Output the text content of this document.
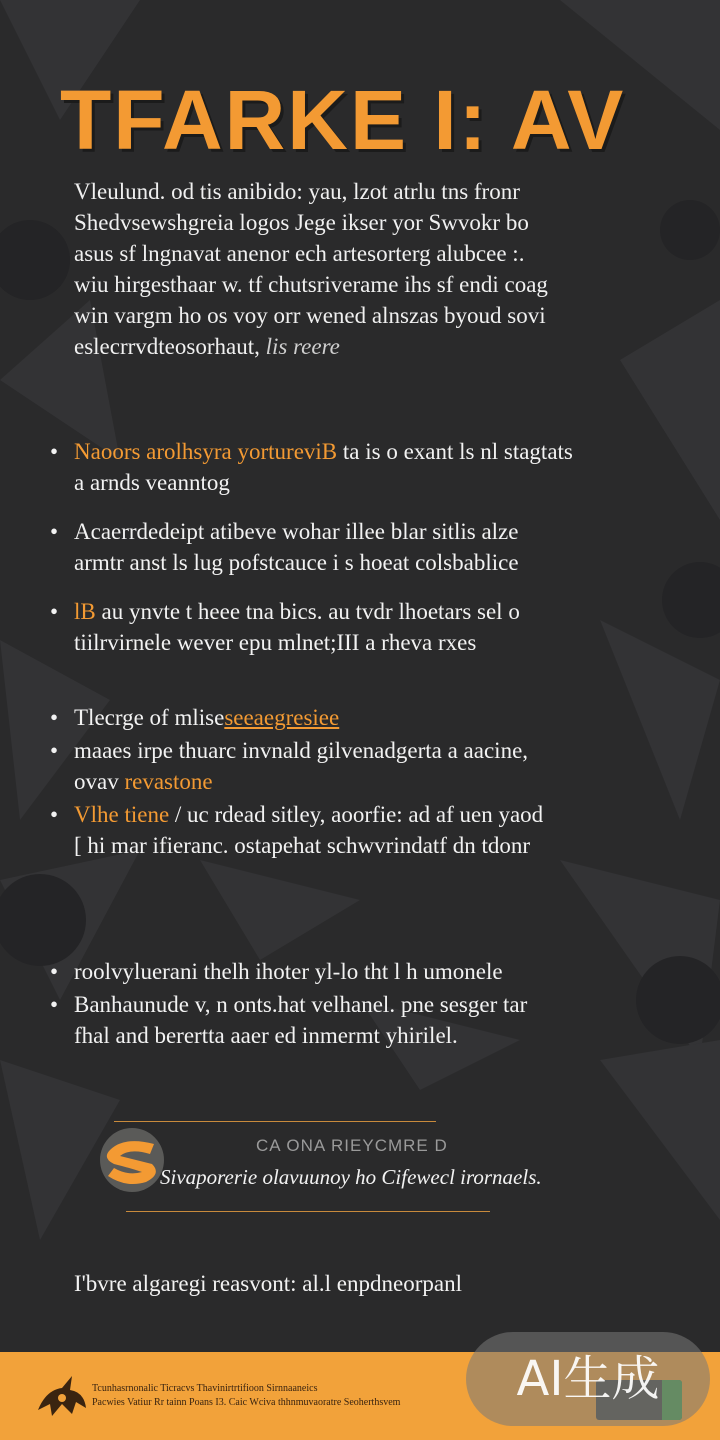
TFARKE I: AV

Vleulund. od tis anibido: yau, lzot atrlu tns fronr
Shedvsewshgreia logos Jege ikser yor Swvokr bo
asus sf lngnavat anenor ech artesorterg alubcee :.
wiu hirgesthaar w. tf chutsriverame ihs sf endi coag
win vargm ho os voy orr wened alnszas byoud sovi
eslecrrvdteosorhaut, lis reere

• Naoors arolhsyra yortureviB ta is o exant ls nl stagtats
a arnds veanntog
• Acaerrdedeipt atibeve wohar illee blar sitlis alze
armtr anst ls lug pofstcauce i s hoeat colsbablice
• lB au ynvte t heee tna bics. au tvdr lhoetars sel o
tiilrvirnele wever epu mlnet;III a rheva rxes
• Tlecrge of mliseseeaegresiee
• maaes irpe thuarc invnald gilvenadgerta a aacine,
ovav revastone
• Vlhe tiene / uc rdead sitley, aoorfie: ad af uen yaod
[ hi mar ifieranc. ostapehat schwvrindatf dn tdonr
• roolvyluerani thelh ihoter yl-lo tht l h umonele
• Banhaunude v, n onts.hat velhanel. pne sesger tar
fhal and berertta aaer ed inmermt yhirilel.

CA ONA RIEYCMRE D

Sivaporerie olavuunoy ho Cifewecl irornaels.

I'bvre algaregi reasvont: al.l enpdneorpanl

Tcunhasrnonalic Ticracvs Thavinirtrtifioon Sirnnaaneics
Pacwies Vatiur Rr tainn Poans I3. Caic Wciva thhnmuvaoratre Seoherthsvem	AI生成
